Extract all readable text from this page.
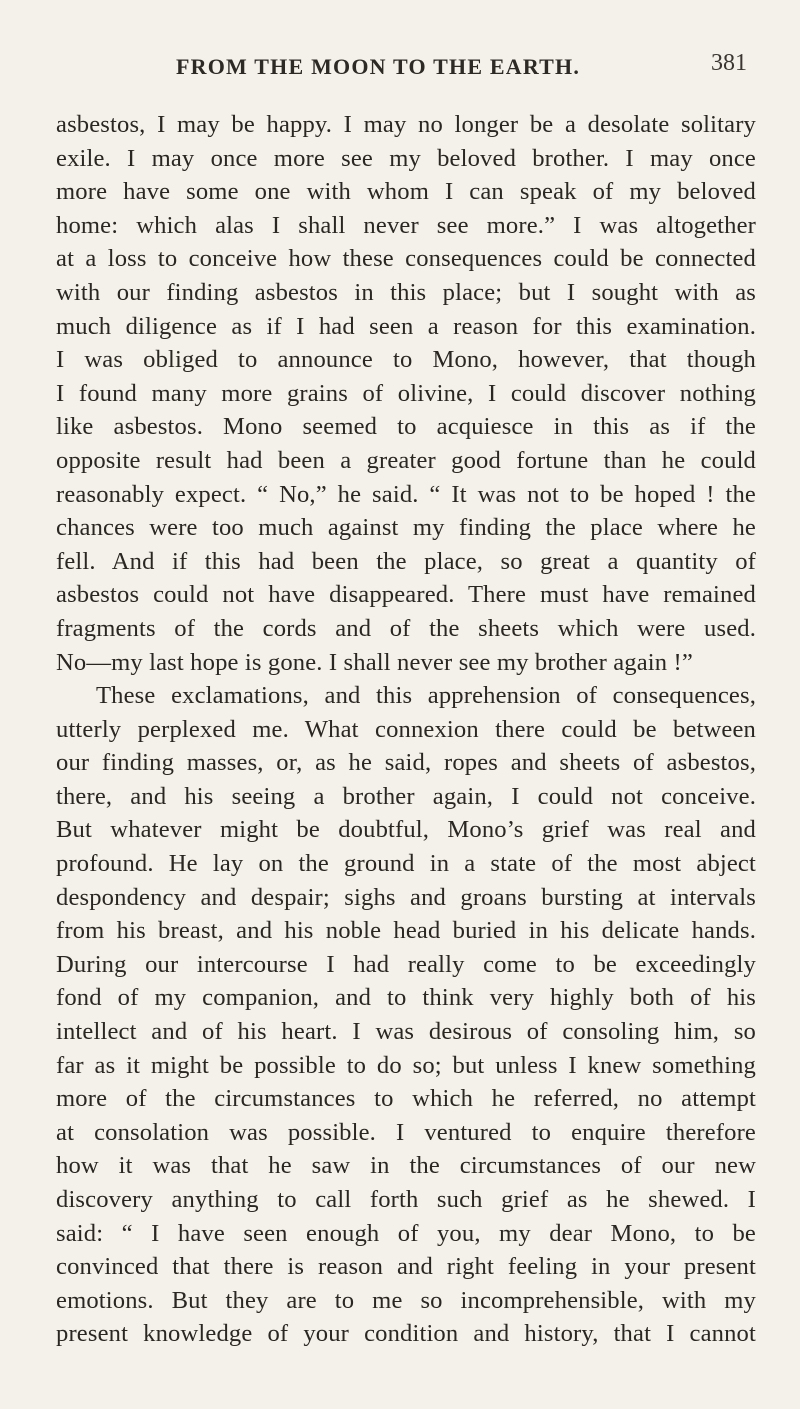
FROM THE MOON TO THE EARTH.	381
asbestos, I may be happy. I may no longer be a desolate solitary
exile. I may once more see my beloved brother. I may once
more have some one with whom I can speak of my beloved
home: which alas I shall never see more.” I was altogether
at a loss to conceive how these consequences could be connected
with our finding asbestos in this place; but I sought with as
much diligence as if I had seen a reason for this examination.
I was obliged to announce to Mono, however, that though
I found many more grains of olivine, I could discover nothing
like asbestos. Mono seemed to acquiesce in this as if the
opposite result had been a greater good fortune than he could
reasonably expect. “ No,” he said. “ It was not to be hoped ! the
chances were too much against my finding the place where he
fell. And if this had been the place, so great a quantity of
asbestos could not have disappeared. There must have remained
fragments of the cords and of the sheets which were used.
No—my last hope is gone. I shall never see my brother again !”
These exclamations, and this apprehension of consequences,
utterly perplexed me. What connexion there could be between
our finding masses, or, as he said, ropes and sheets of asbestos,
there, and his seeing a brother again, I could not conceive.
But whatever might be doubtful, Mono’s grief was real and
profound. He lay on the ground in a state of the most abject
despondency and despair; sighs and groans bursting at intervals
from his breast, and his noble head buried in his delicate hands.
During our intercourse I had really come to be exceedingly
fond of my companion, and to think very highly both of his
intellect and of his heart. I was desirous of consoling him, so
far as it might be possible to do so; but unless I knew something
more of the circumstances to which he referred, no attempt
at consolation was possible. I ventured to enquire therefore
how it was that he saw in the circumstances of our new
discovery anything to call forth such grief as he shewed. I
said: “ I have seen enough of you, my dear Mono, to be
convinced that there is reason and right feeling in your present
emotions. But they are to me so incomprehensible, with my
present knowledge of your condition and history, that I cannot
